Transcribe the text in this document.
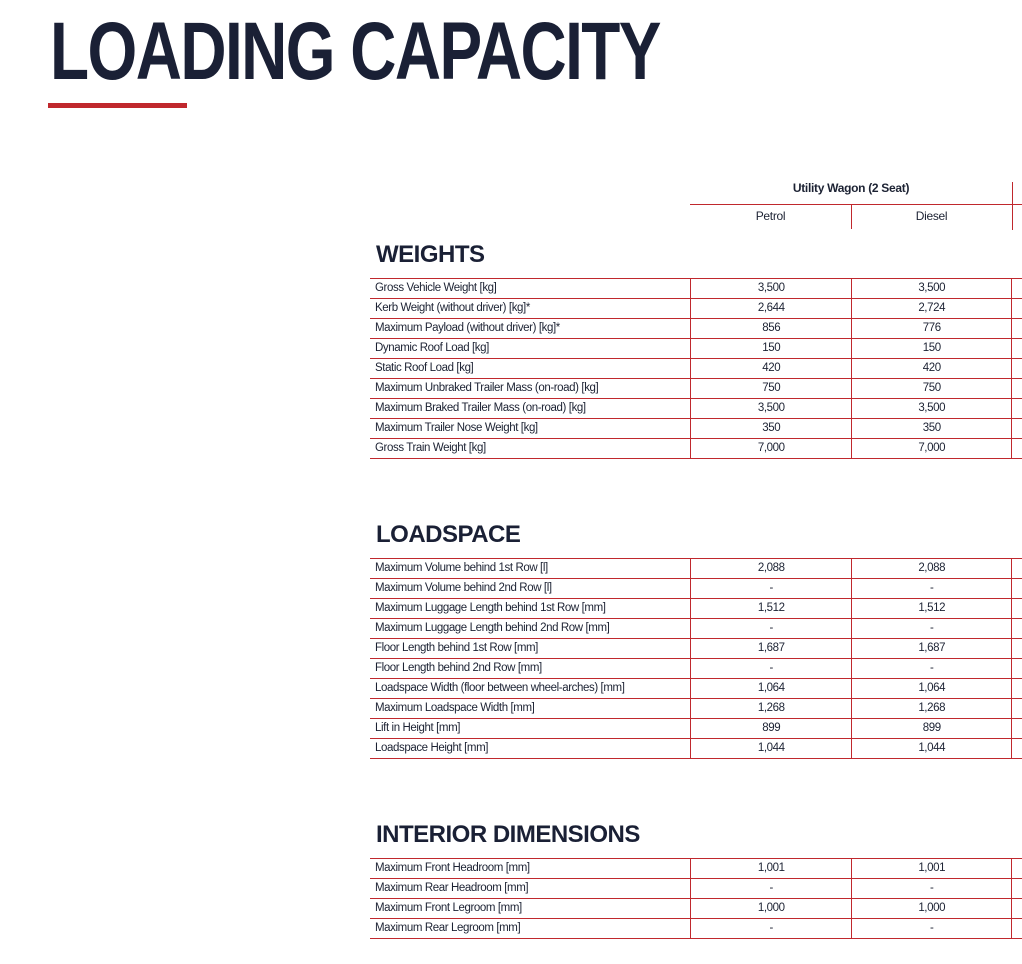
LOADING CAPACITY
Utility Wagon (2 Seat)
Petrol	Diesel
WEIGHTS
Gross Vehicle Weight [kg]	3,500	3,500	
Kerb Weight (without driver) [kg]*	2,644	2,724	
Maximum Payload (without driver) [kg]*	856	776	
Dynamic Roof Load [kg]	150	150	
Static Roof Load [kg]	420	420	
Maximum Unbraked Trailer Mass (on-road) [kg]	750	750	
Maximum Braked Trailer Mass (on-road) [kg]	3,500	3,500	
Maximum Trailer Nose Weight [kg]	350	350	
Gross Train Weight [kg]	7,000	7,000	
LOADSPACE
Maximum Volume behind 1st Row [l]	2,088	2,088	
Maximum Volume behind 2nd Row [l]	-	-	
Maximum Luggage Length behind 1st Row [mm]	1,512	1,512	
Maximum Luggage Length behind 2nd Row [mm]	-	-	
Floor Length behind 1st Row [mm]	1,687	1,687	
Floor Length behind 2nd Row [mm]	-	-	
Loadspace Width (floor between wheel-arches) [mm]	1,064	1,064	
Maximum Loadspace Width [mm]	1,268	1,268	
Lift in Height [mm]	899	899	
Loadspace Height [mm]	1,044	1,044	
INTERIOR DIMENSIONS
Maximum Front Headroom [mm]	1,001	1,001	
Maximum Rear Headroom [mm]	-	-	
Maximum Front Legroom [mm]	1,000	1,000	
Maximum Rear Legroom [mm]	-	-	
